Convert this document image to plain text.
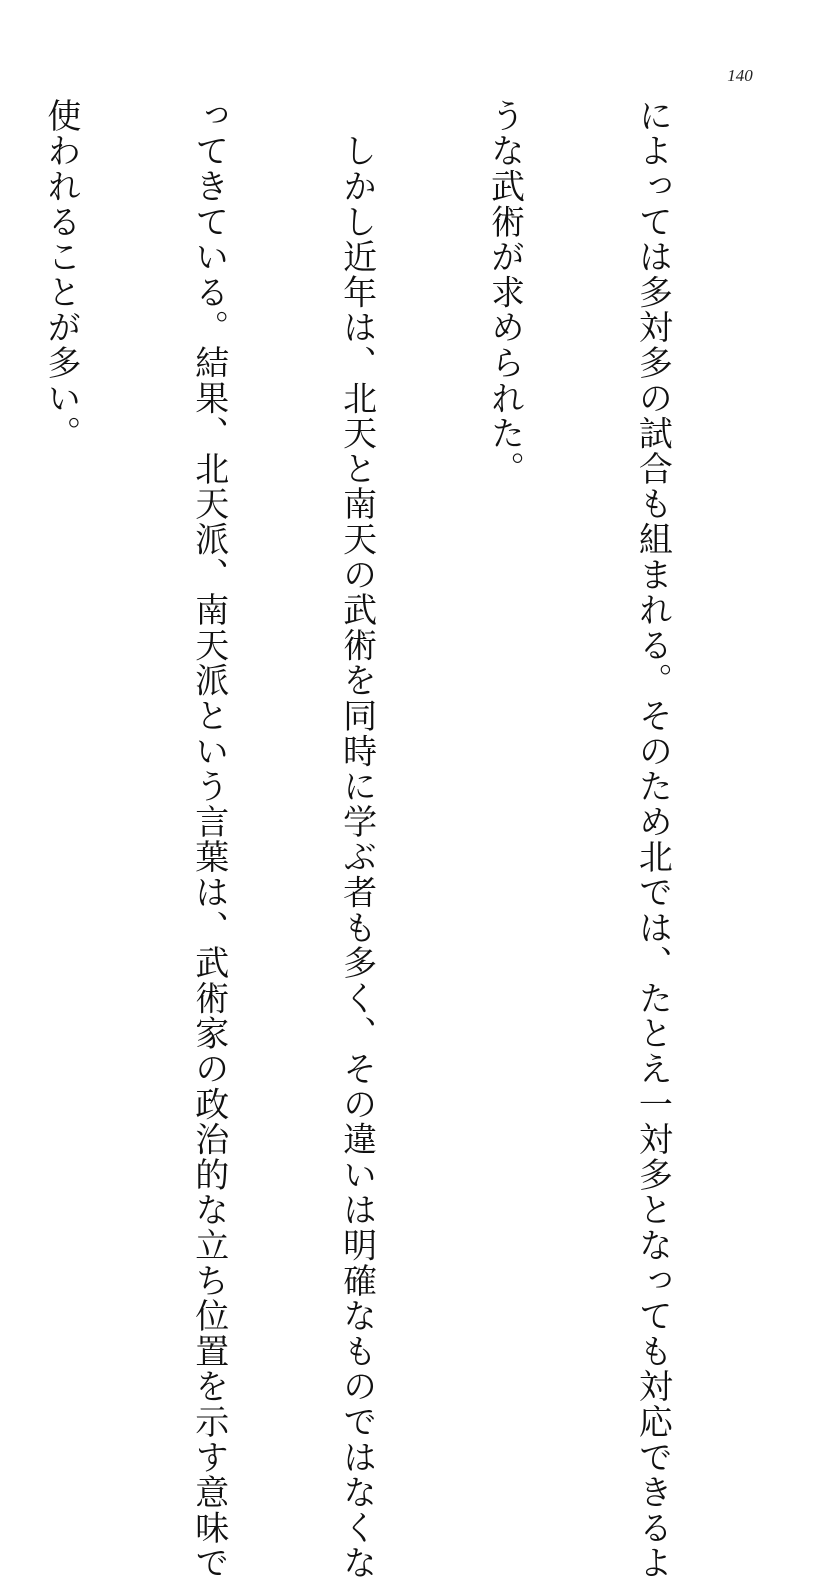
140

によっては多対多の試合も組まれる。そのため北では、たとえ一対多となっても対応できるよ

うな武術が求められた。

　しかし近年は、北天と南天の武術を同時に学ぶ者も多く、その違いは明確なものではなくな

ってきている。結果、北天派、南天派という言葉は、武術家の政治的な立ち位置を示す意味で

使われることが多い。
